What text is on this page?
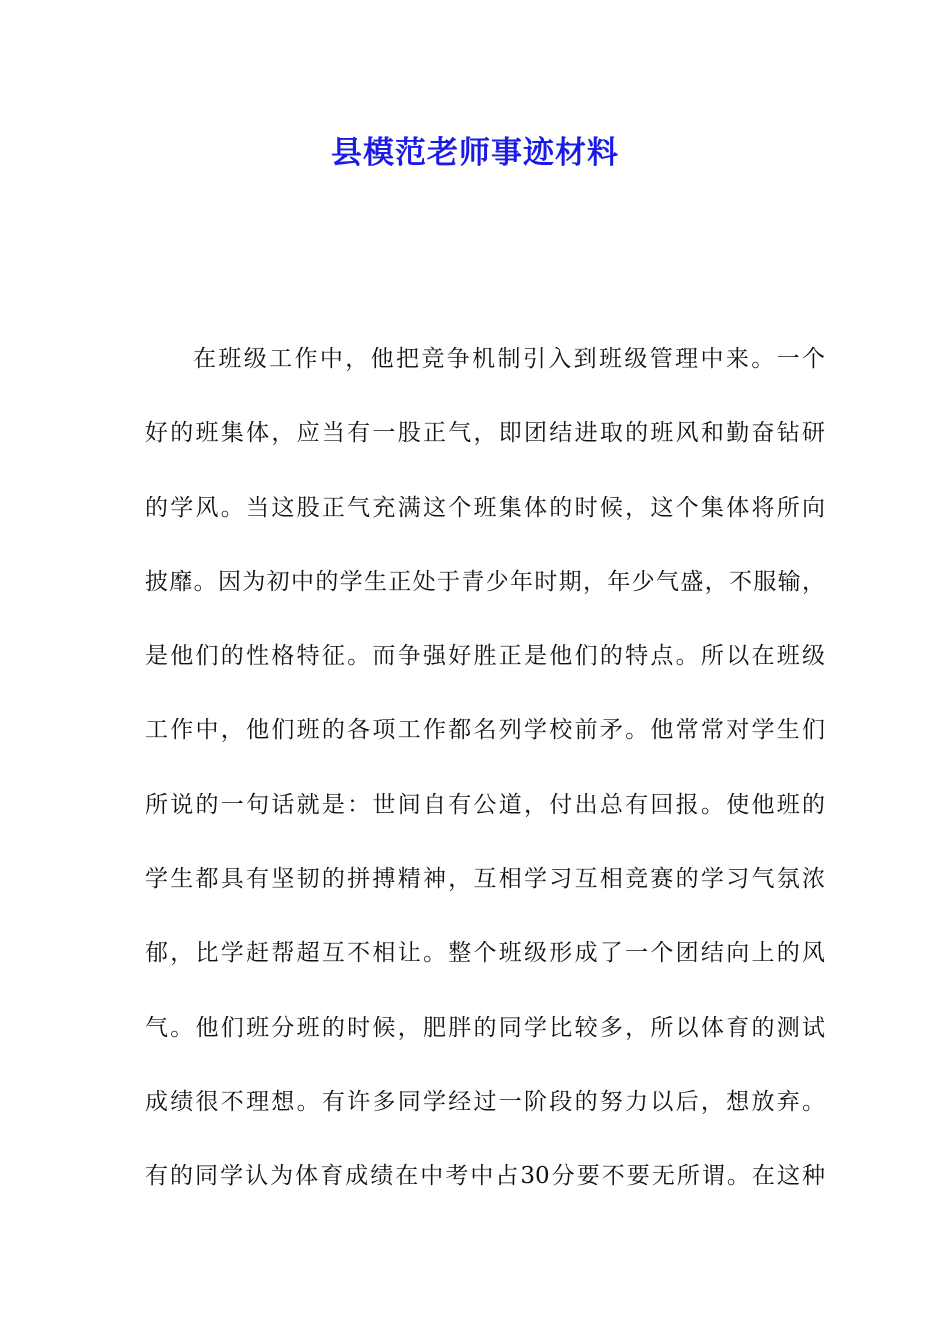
县模范老师事迹材料
在班级工作中，他把竞争机制引入到班级管理中来。一个
好的班集体，应当有一股正气，即团结进取的班风和勤奋钻研
的学风。当这股正气充满这个班集体的时候，这个集体将所向
披靡。因为初中的学生正处于青少年时期，年少气盛，不服输，
是他们的性格特征。而争强好胜正是他们的特点。所以在班级
工作中，他们班的各项工作都名列学校前矛。他常常对学生们
所说的一句话就是：世间自有公道，付出总有回报。使他班的
学生都具有坚韧的拼搏精神，互相学习互相竞赛的学习气氛浓
郁，比学赶帮超互不相让。整个班级形成了一个团结向上的风
气。他们班分班的时候，肥胖的同学比较多，所以体育的测试
成绩很不理想。有许多同学经过一阶段的努力以后，想放弃。
有的同学认为体育成绩在中考中占30分要不要无所谓。在这种
